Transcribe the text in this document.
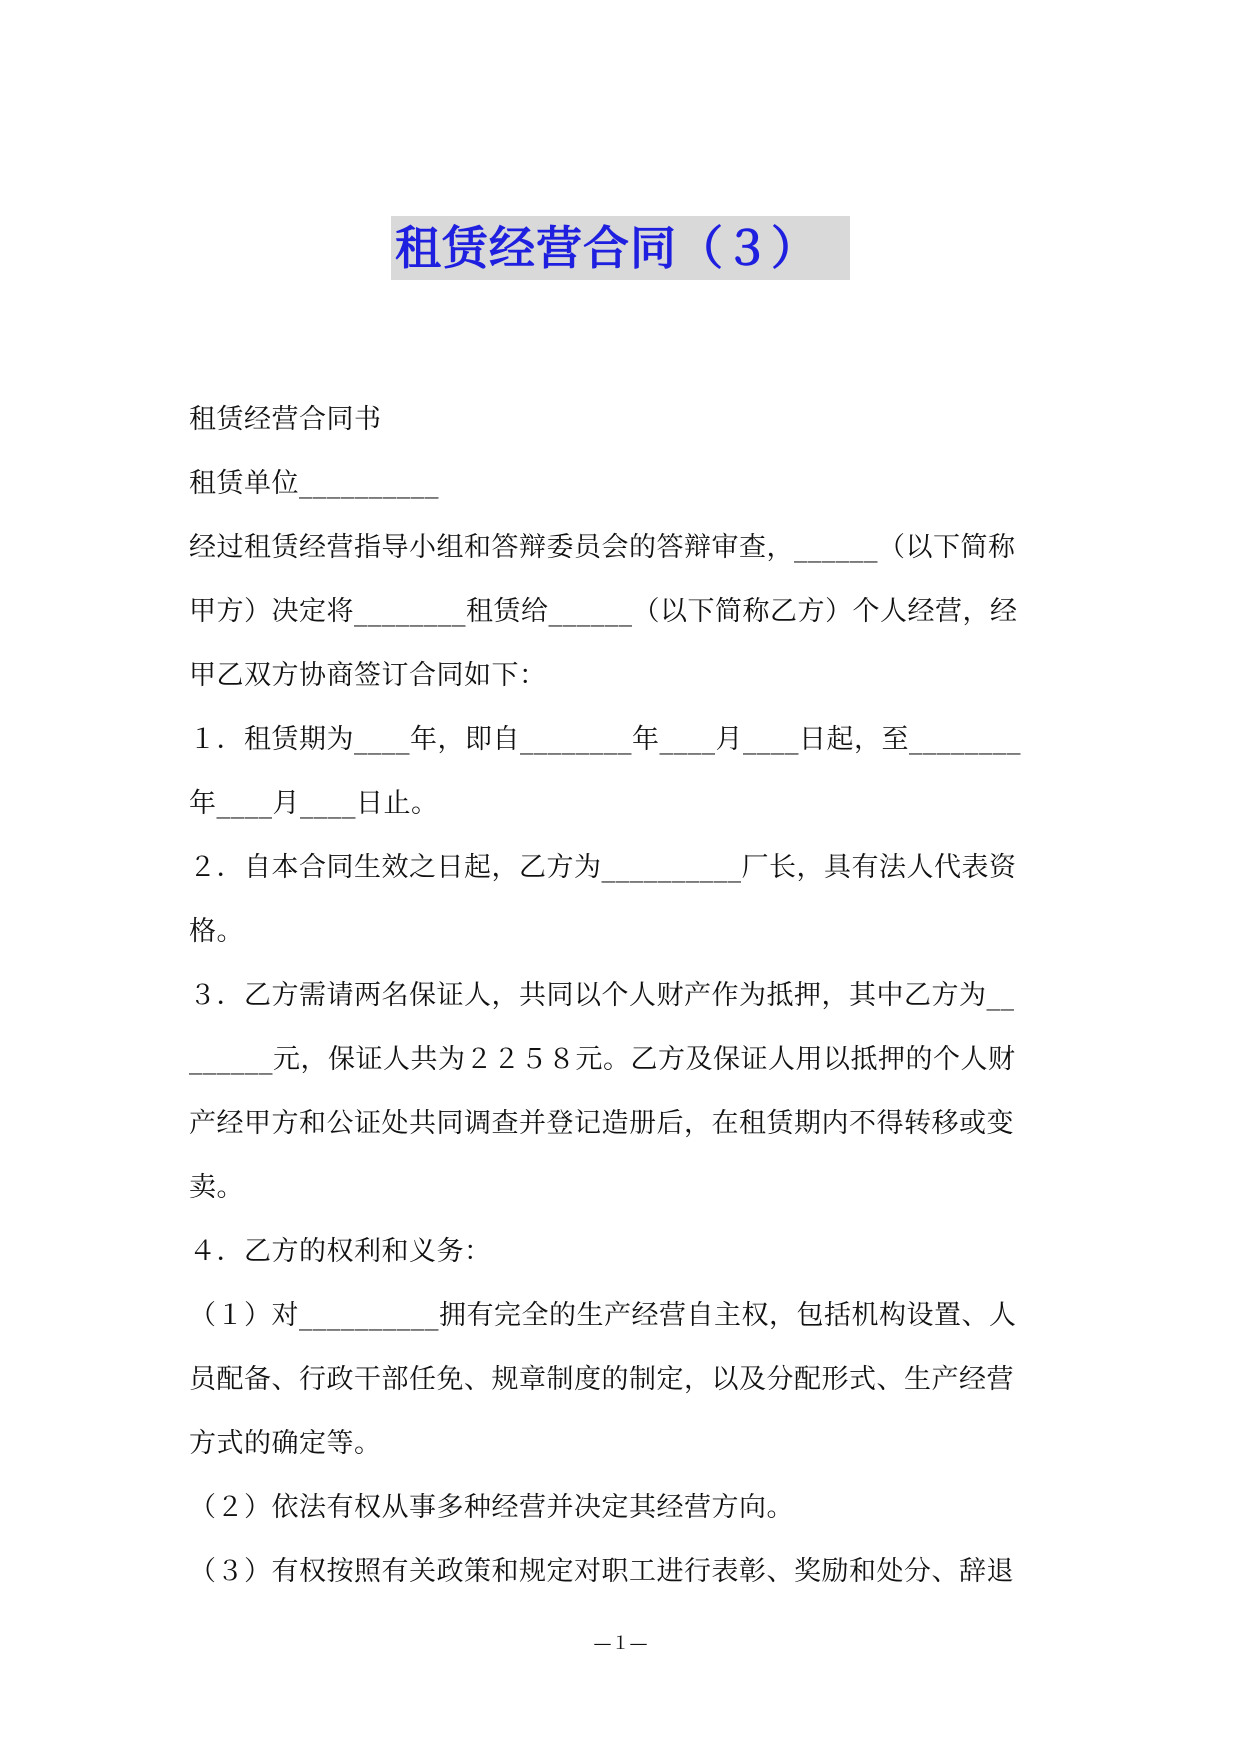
租赁经营合同（３）
租赁经营合同书
租赁单位__________
经过租赁经营指导小组和答辩委员会的答辩审查，______（以下简称
甲方）决定将________租赁给______（以下简称乙方）个人经营，经
甲乙双方协商签订合同如下：
１．租赁期为____年，即自________年____月____日起，至________
年____月____日止。
２．自本合同生效之日起，乙方为__________厂长，具有法人代表资
格。
３．乙方需请两名保证人，共同以个人财产作为抵押，其中乙方为__
______元，保证人共为２２５８元。乙方及保证人用以抵押的个人财
产经甲方和公证处共同调查并登记造册后，在租赁期内不得转移或变
卖。
４．乙方的权利和义务：
（１）对__________拥有完全的生产经营自主权，包括机构设置、人
员配备、行政干部任免、规章制度的制定，以及分配形式、生产经营
方式的确定等。
（２）依法有权从事多种经营并决定其经营方向。
（３）有权按照有关政策和规定对职工进行表彰、奖励和处分、辞退
—１—
